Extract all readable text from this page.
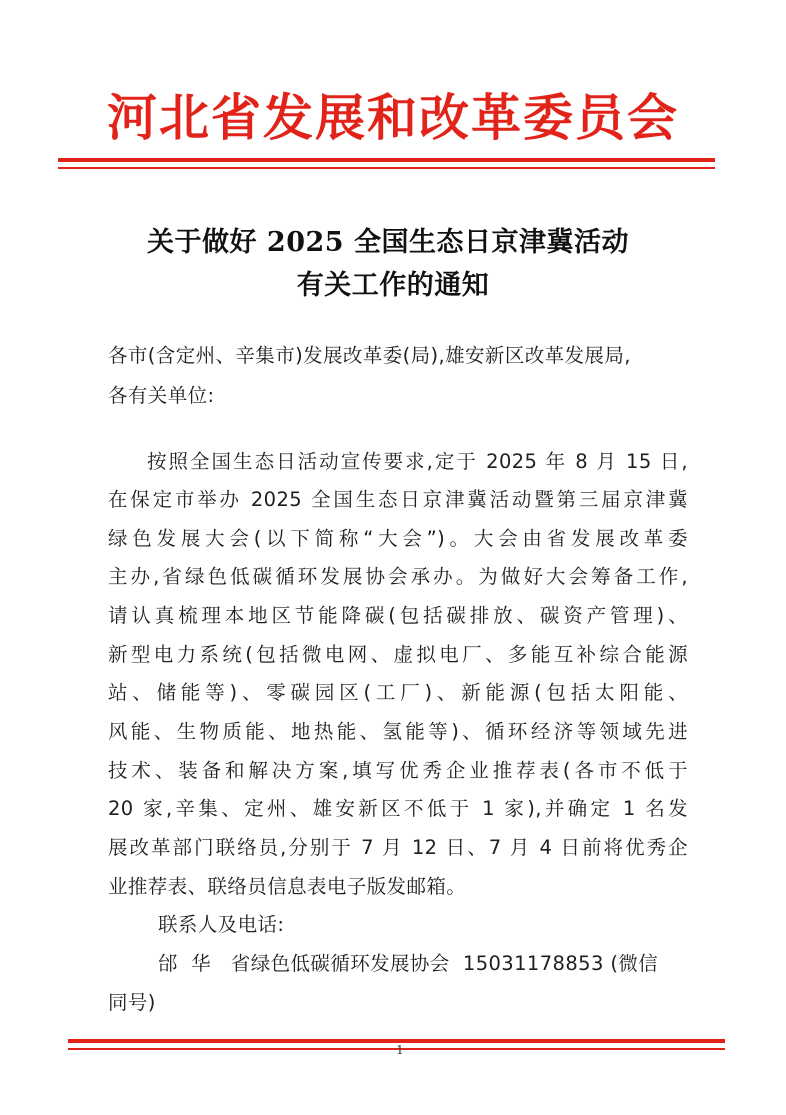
河北省发展和改革委员会
关于做好 2025 全国生态日京津冀活动
有关工作的通知
各市(含定州、辛集市)发展改革委(局),雄安新区改革发展局,
各有关单位:
按照全国生态日活动宣传要求,定于 2025 年 8 月 15 日,
在保定市举办 2025 全国生态日京津冀活动暨第三届京津冀
绿色发展大会(以下简称“大会”)。大会由省发展改革委
主办,省绿色低碳循环发展协会承办。为做好大会筹备工作,
请认真梳理本地区节能降碳(包括碳排放、碳资产管理)、
新型电力系统(包括微电网、虚拟电厂、多能互补综合能源
站、储能等)、零碳园区(工厂)、新能源(包括太阳能、
风能、生物质能、地热能、氢能等)、循环经济等领域先进
技术、装备和解决方案,填写优秀企业推荐表(各市不低于
20 家,辛集、定州、雄安新区不低于 1 家),并确定 1 名发
展改革部门联络员,分别于 7 月 12 日、7 月 4 日前将优秀企
业推荐表、联络员信息表电子版发邮箱。
联系人及电话:
邰  华   省绿色低碳循环发展协会  15031178853 (微信
同号)
1
